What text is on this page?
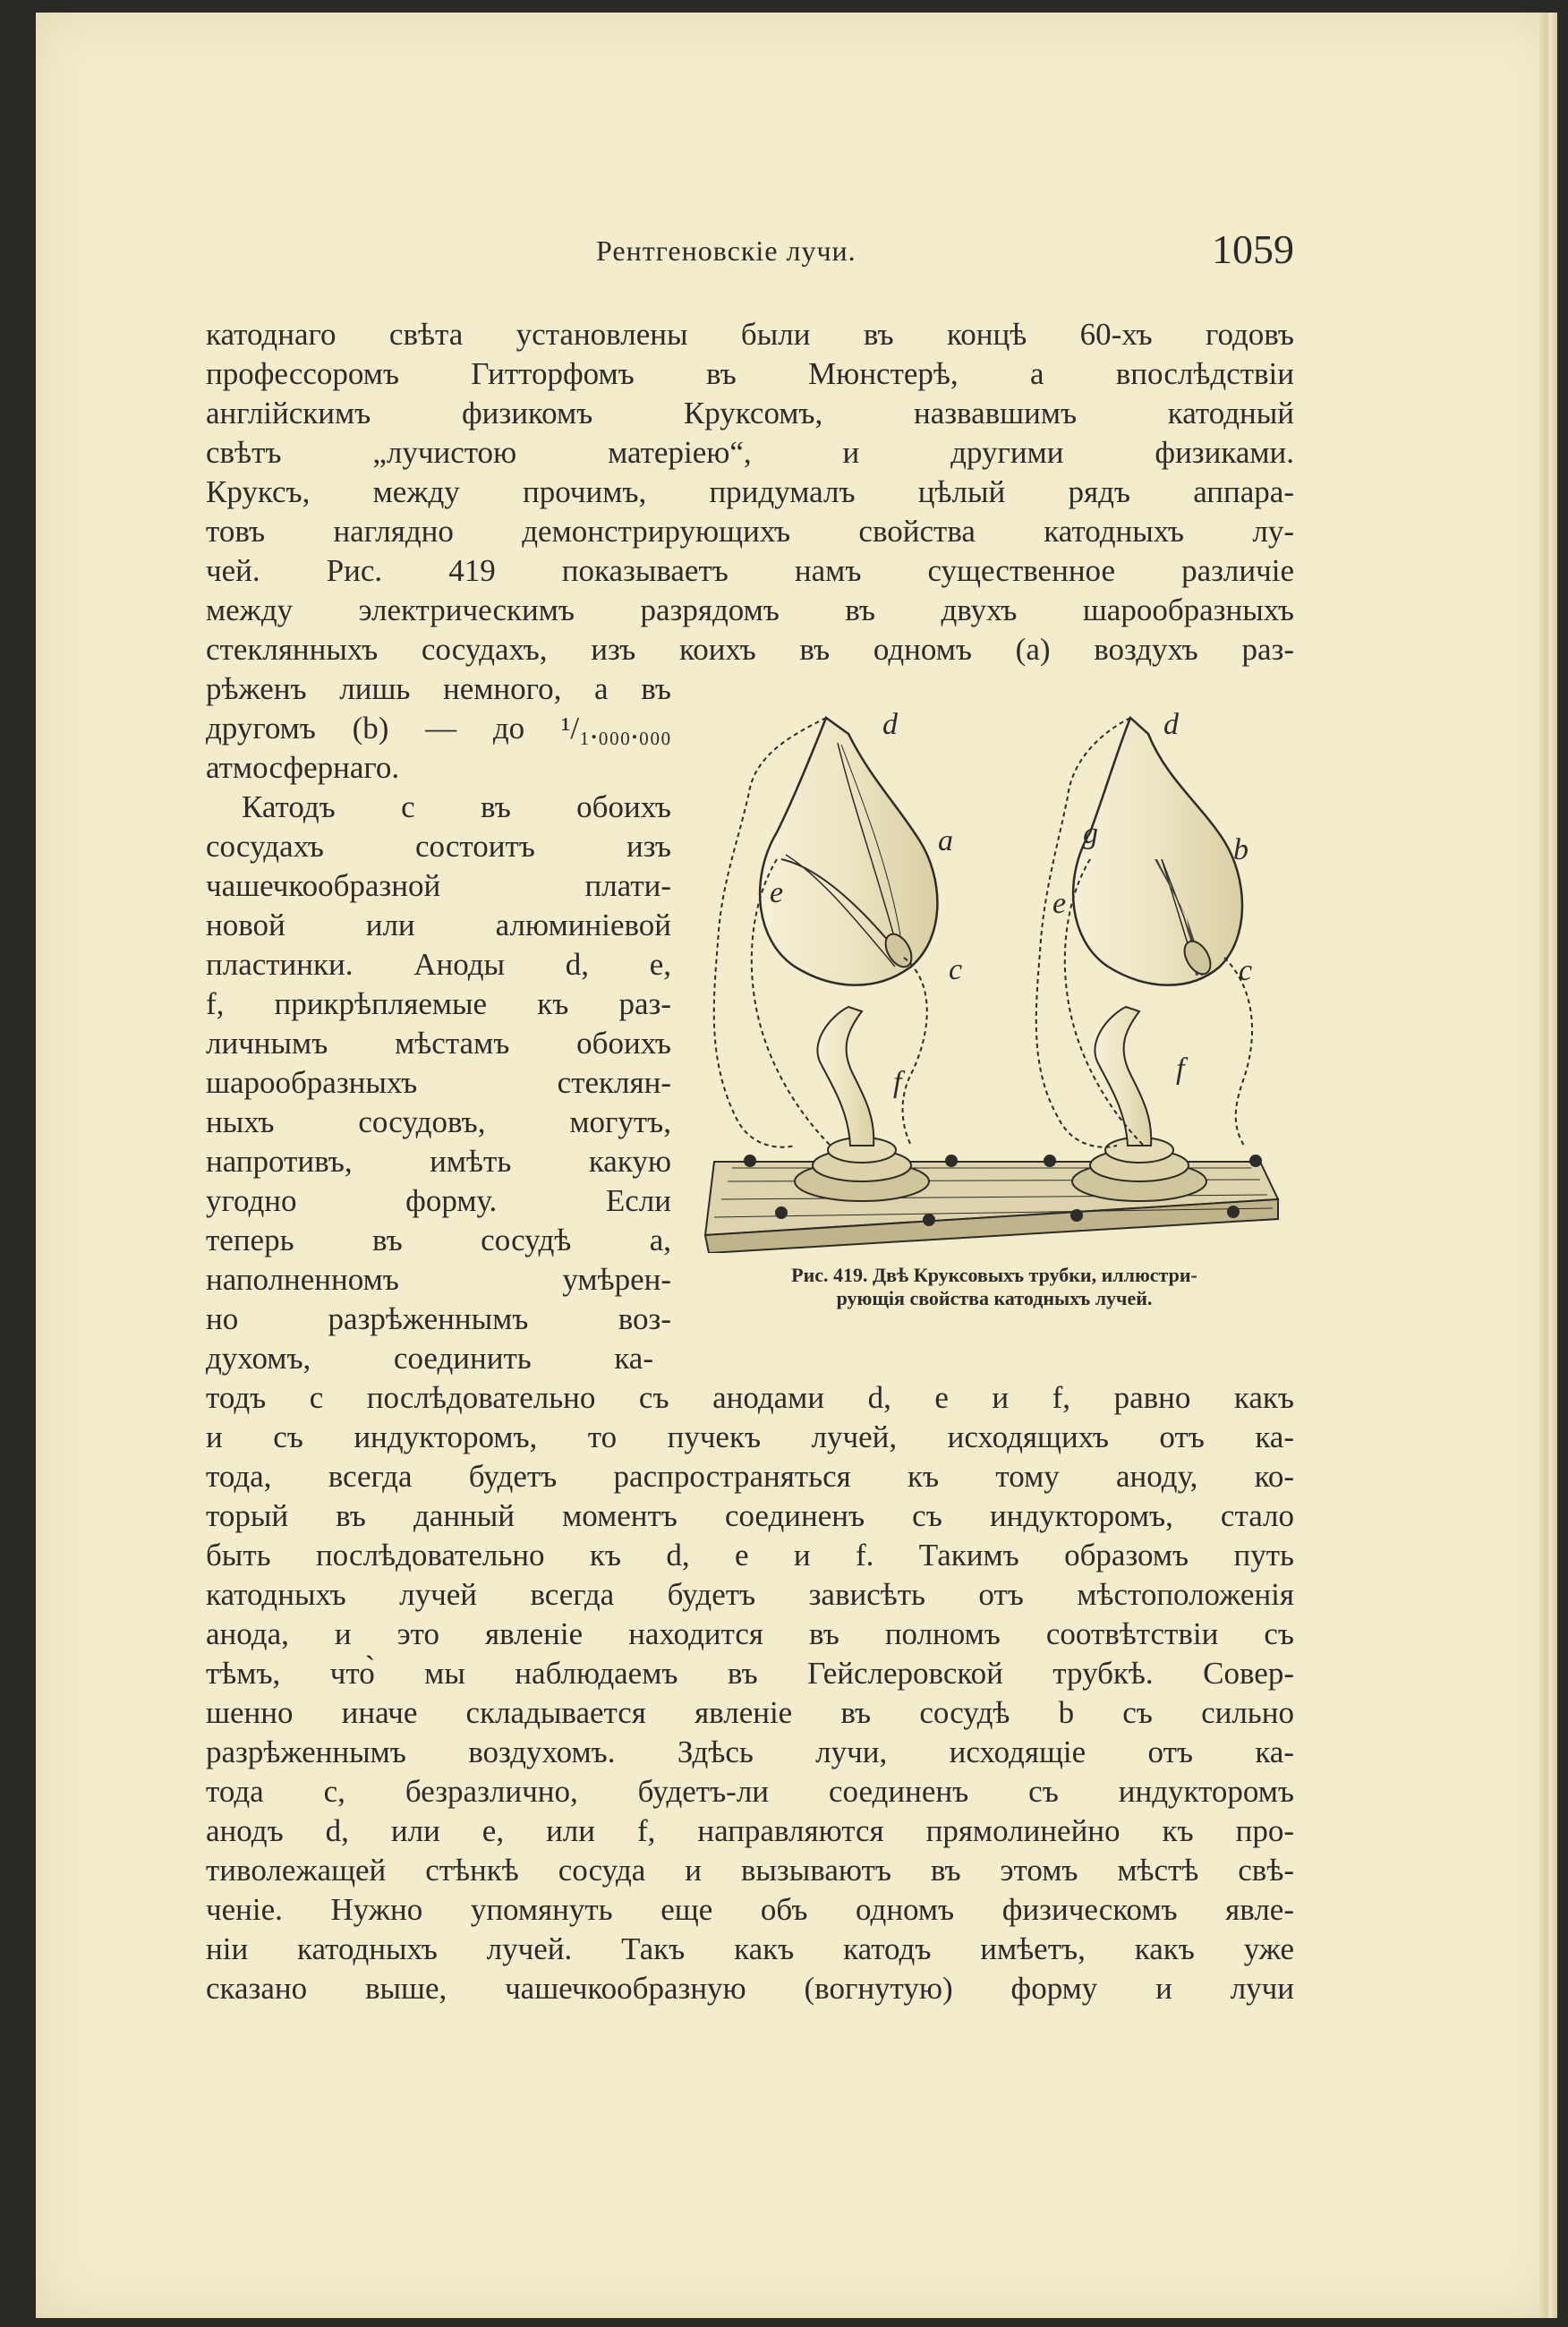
Рентгеновскіе лучи.	1059
катоднаго свѣта установлены были въ концѣ 60-хъ годовъ
профессоромъ Гитторфомъ въ Мюнстерѣ, а впослѣдствіи
англійскимъ физикомъ Круксомъ, назвавшимъ катодный
свѣтъ „лучистою матеріею“, и другими физиками.
Круксъ, между прочимъ, придумалъ цѣлый рядъ аппара-
товъ наглядно демонстрирующихъ свойства катодныхъ лу-
чей. Рис. 419 показываетъ намъ существенное различіе
между электрическимъ разрядомъ въ двухъ шарообразныхъ
стеклянныхъ сосудахъ, изъ коихъ въ одномъ (a) воздухъ раз-
рѣженъ лишь немного, а въ
другомъ (b) — до ¹/₁.₀₀₀.₀₀₀
атмосфернаго.
Катодъ c въ обоихъ
сосудахъ состоитъ изъ
чашечкообразной плати-
новой или алюминіевой
пластинки. Аноды d, e,
f, прикрѣпляемые къ раз-
личнымъ мѣстамъ обоихъ
шарообразныхъ стеклян-
ныхъ сосудовъ, могутъ,
напротивъ, имѣть какую
угодно форму. Если
теперь въ сосудѣ a,
наполненномъ умѣрен-
но разрѣженнымъ воз-
духомъ, соединить ка-
d
a
e
c
f
d
g	b
e
c
f
Рис. 419. Двѣ Круксовыхъ трубки, иллюстри-
рующія свойства катодныхъ лучей.
тодъ c послѣдовательно съ анодами d, e и f, равно какъ
и съ индукторомъ, то пучекъ лучей, исходящихъ отъ ка-
тода, всегда будетъ распространяться къ тому аноду, ко-
торый въ данный моментъ соединенъ съ индукторомъ, стало
быть послѣдовательно къ d, e и f. Такимъ образомъ путь
катодныхъ лучей всегда будетъ зависѣть отъ мѣстоположенія
анода, и это явленіе находится въ полномъ соотвѣтствіи съ
тѣмъ, что̀ мы наблюдаемъ въ Гейслеровской трубкѣ. Совер-
шенно иначе складывается явленіе въ сосудѣ b съ сильно
разрѣженнымъ воздухомъ. Здѣсь лучи, исходящіе отъ ка-
тода c, безразлично, будетъ-ли соединенъ съ индукторомъ
анодъ d, или e, или f, направляются прямолинейно къ про-
тиволежащей стѣнкѣ сосуда и вызываютъ въ этомъ мѣстѣ свѣ-
ченіе. Нужно упомянуть еще объ одномъ физическомъ явле-
ніи катодныхъ лучей. Такъ какъ катодъ имѣетъ, какъ уже
сказано выше, чашечкообразную (вогнутую) форму и лучи
